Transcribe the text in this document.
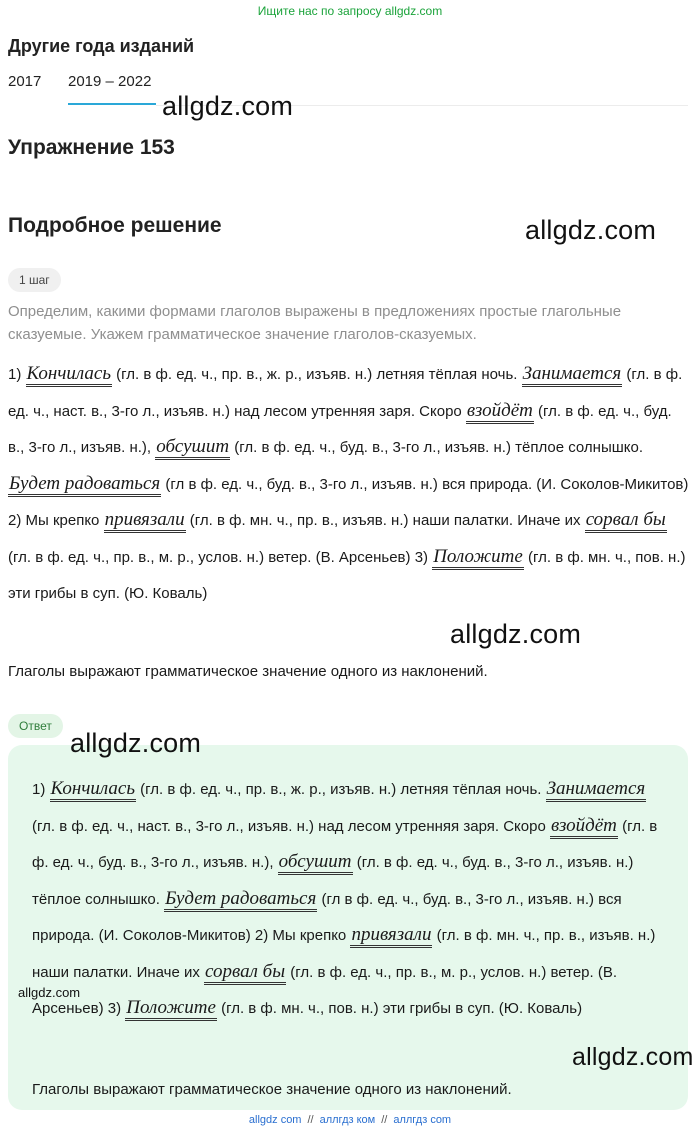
Ищите нас по запросу allgdz.com
Другие года изданий
2017 2019 – 2022
allgdz.com
Упражнение 153
Подробное решение	allgdz.com
1 шаг
Определим, какими формами глаголов выражены в предложениях простые глагольные сказуемые. Укажем грамматическое значение глаголов-сказуемых.
1) Кончилась (гл. в ф. ед. ч., пр. в., ж. р., изъяв. н.) летняя тёплая ночь. Занимается (гл. в ф. ед. ч., наст. в., 3-го л., изъяв. н.) над лесом утренняя заря. Скоро взойдёт (гл. в ф. ед. ч., буд. в., 3-го л., изъяв. н.), обсушит (гл. в ф. ед. ч., буд. в., 3-го л., изъяв. н.) тёплое солнышко. Будет радоваться (гл в ф. ед. ч., буд. в., 3-го л., изъяв. н.) вся природа. (И. Соколов-Микитов) 2) Мы крепко привязали (гл. в ф. мн. ч., пр. в., изъяв. н.) наши палатки. Иначе их сорвал бы (гл. в ф. ед. ч., пр. в., м. р., услов. н.) ветер. (В. Арсеньев) 3) Положите (гл. в ф. мн. ч., пов. н.) эти грибы в суп. (Ю. Коваль)
allgdz.com
Глаголы выражают грамматическое значение одного из наклонений.
Ответ
allgdz.com
1) Кончилась (гл. в ф. ед. ч., пр. в., ж. р., изъяв. н.) летняя тёплая ночь. Занимается (гл. в ф. ед. ч., наст. в., 3-го л., изъяв. н.) над лесом утренняя заря. Скоро взойдёт (гл. в ф. ед. ч., буд. в., 3-го л., изъяв. н.), обсушит (гл. в ф. ед. ч., буд. в., 3-го л., изъяв. н.) тёплое солнышко. Будет радоваться (гл в ф. ед. ч., буд. в., 3-го л., изъяв. н.) вся природа. (И. Соколов-Микитов) 2) Мы крепко привязали (гл. в ф. мн. ч., пр. в., изъяв. н.) наши палатки. Иначе их сорвал бы (гл. в ф. ед. ч., пр. в., м. р., услов. н.) ветер. (В. Арсеньев) 3) Положите (гл. в ф. мн. ч., пов. н.) эти грибы в суп. (Ю. Коваль)
allgdz.com
allgdz.com
Глаголы выражают грамматическое значение одного из наклонений.
allgdz com // аллгдз ком // аллгдз com
